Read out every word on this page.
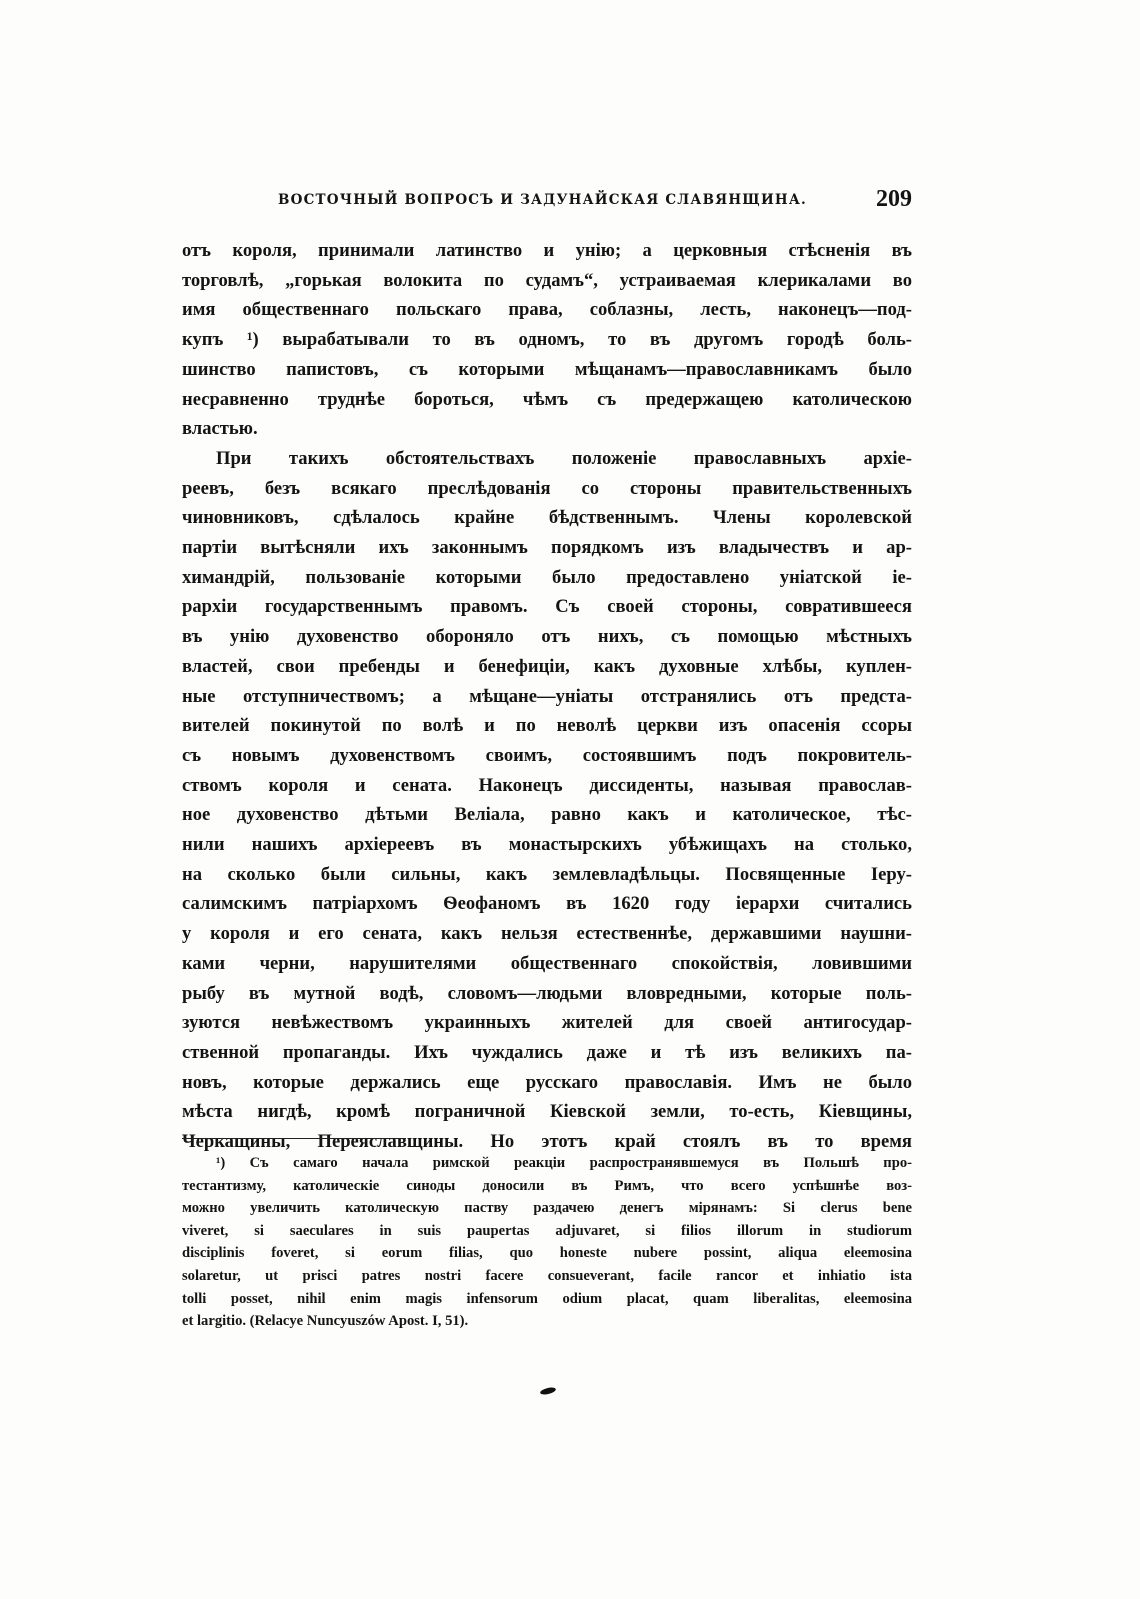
ВОСТОЧНЫЙ ВОПРОСЪ И ЗАДУНАЙСКАЯ СЛАВЯНЩИНА.	209

отъ короля, принимали латинство и унію; а церковныя стѣсненія въ
торговлѣ, „горькая волокита по судамъ“, устраиваемая клерикалами во
имя общественнаго польскаго права, соблазны, лесть, наконецъ—под-
купъ ¹) вырабатывали то въ одномъ, то въ другомъ городѣ боль-
шинство папистовъ, съ которыми мѣщанамъ—православникамъ было
несравненно труднѣе бороться, чѣмъ съ предержащею католическою
властью.

При такихъ обстоятельствахъ положеніе православныхъ архіе-
реевъ, безъ всякаго преслѣдованія со стороны правительственныхъ
чиновниковъ, сдѣлалось крайне бѣдственнымъ. Члены королевской
партіи вытѣсняли ихъ законнымъ порядкомъ изъ владычествъ и ар-
химандрій, пользованіе которыми было предоставлено уніатской іе-
рархіи государственнымъ правомъ. Съ своей стороны, совратившееся
въ унію духовенство обороняло отъ нихъ, съ помощью мѣстныхъ
властей, свои пребенды и бенефиціи, какъ духовные хлѣбы, куплен-
ные отступничествомъ; а мѣщане—уніаты отстранялись отъ предста-
вителей покинутой по волѣ и по неволѣ церкви изъ опасенія ссоры
съ новымъ духовенствомъ своимъ, состоявшимъ подъ покровитель-
ствомъ короля и сената. Наконецъ диссиденты, называя православ-
ное духовенство дѣтьми Веліала, равно какъ и католическое, тѣс-
нили нашихъ архіереевъ въ монастырскихъ убѣжищахъ на столько,
на сколько были сильны, какъ землевладѣльцы. Посвященные Іеру-
салимскимъ патріархомъ Ѳеофаномъ въ 1620 году іерархи считались
у короля и его сената, какъ нельзя естественнѣе, державшими наушни-
ками черни, нарушителями общественнаго спокойствія, ловившими
рыбу въ мутной водѣ, словомъ—людьми вловредными, которые поль-
зуются невѣжествомъ украинныхъ жителей для своей антигосудар-
ственной пропаганды. Ихъ чуждались даже и тѣ изъ великихъ па-
новъ, которые держались еще русскаго православія. Имъ не было
мѣста нигдѣ, кромѣ пограничной Кіевской земли, то-есть, Кіевщины,
Черкащины, Переяславщины. Но этотъ край стоялъ въ то время

¹) Съ самаго начала римской реакціи распространявшемуся въ Польшѣ про-
тестантизму, католическіе синоды доносили въ Римъ, что всего успѣшнѣе воз-
можно увеличить католическую паству раздачею денегъ мірянамъ: Si clerus bene
viveret, si saeculares in suis paupertas adjuvaret, si filios illorum in studiorum
disciplinis foveret, si eorum filias, quo honeste nubere possint, aliqua eleemosina
solaretur, ut prisci patres nostri facere consueverant, facile rancor et inhiatio ista
tolli posset, nihil enim magis infensorum odium placat, quam liberalitas, eleemosina
et largitio. (Relacye Nuncyuszów Apost. I, 51).
